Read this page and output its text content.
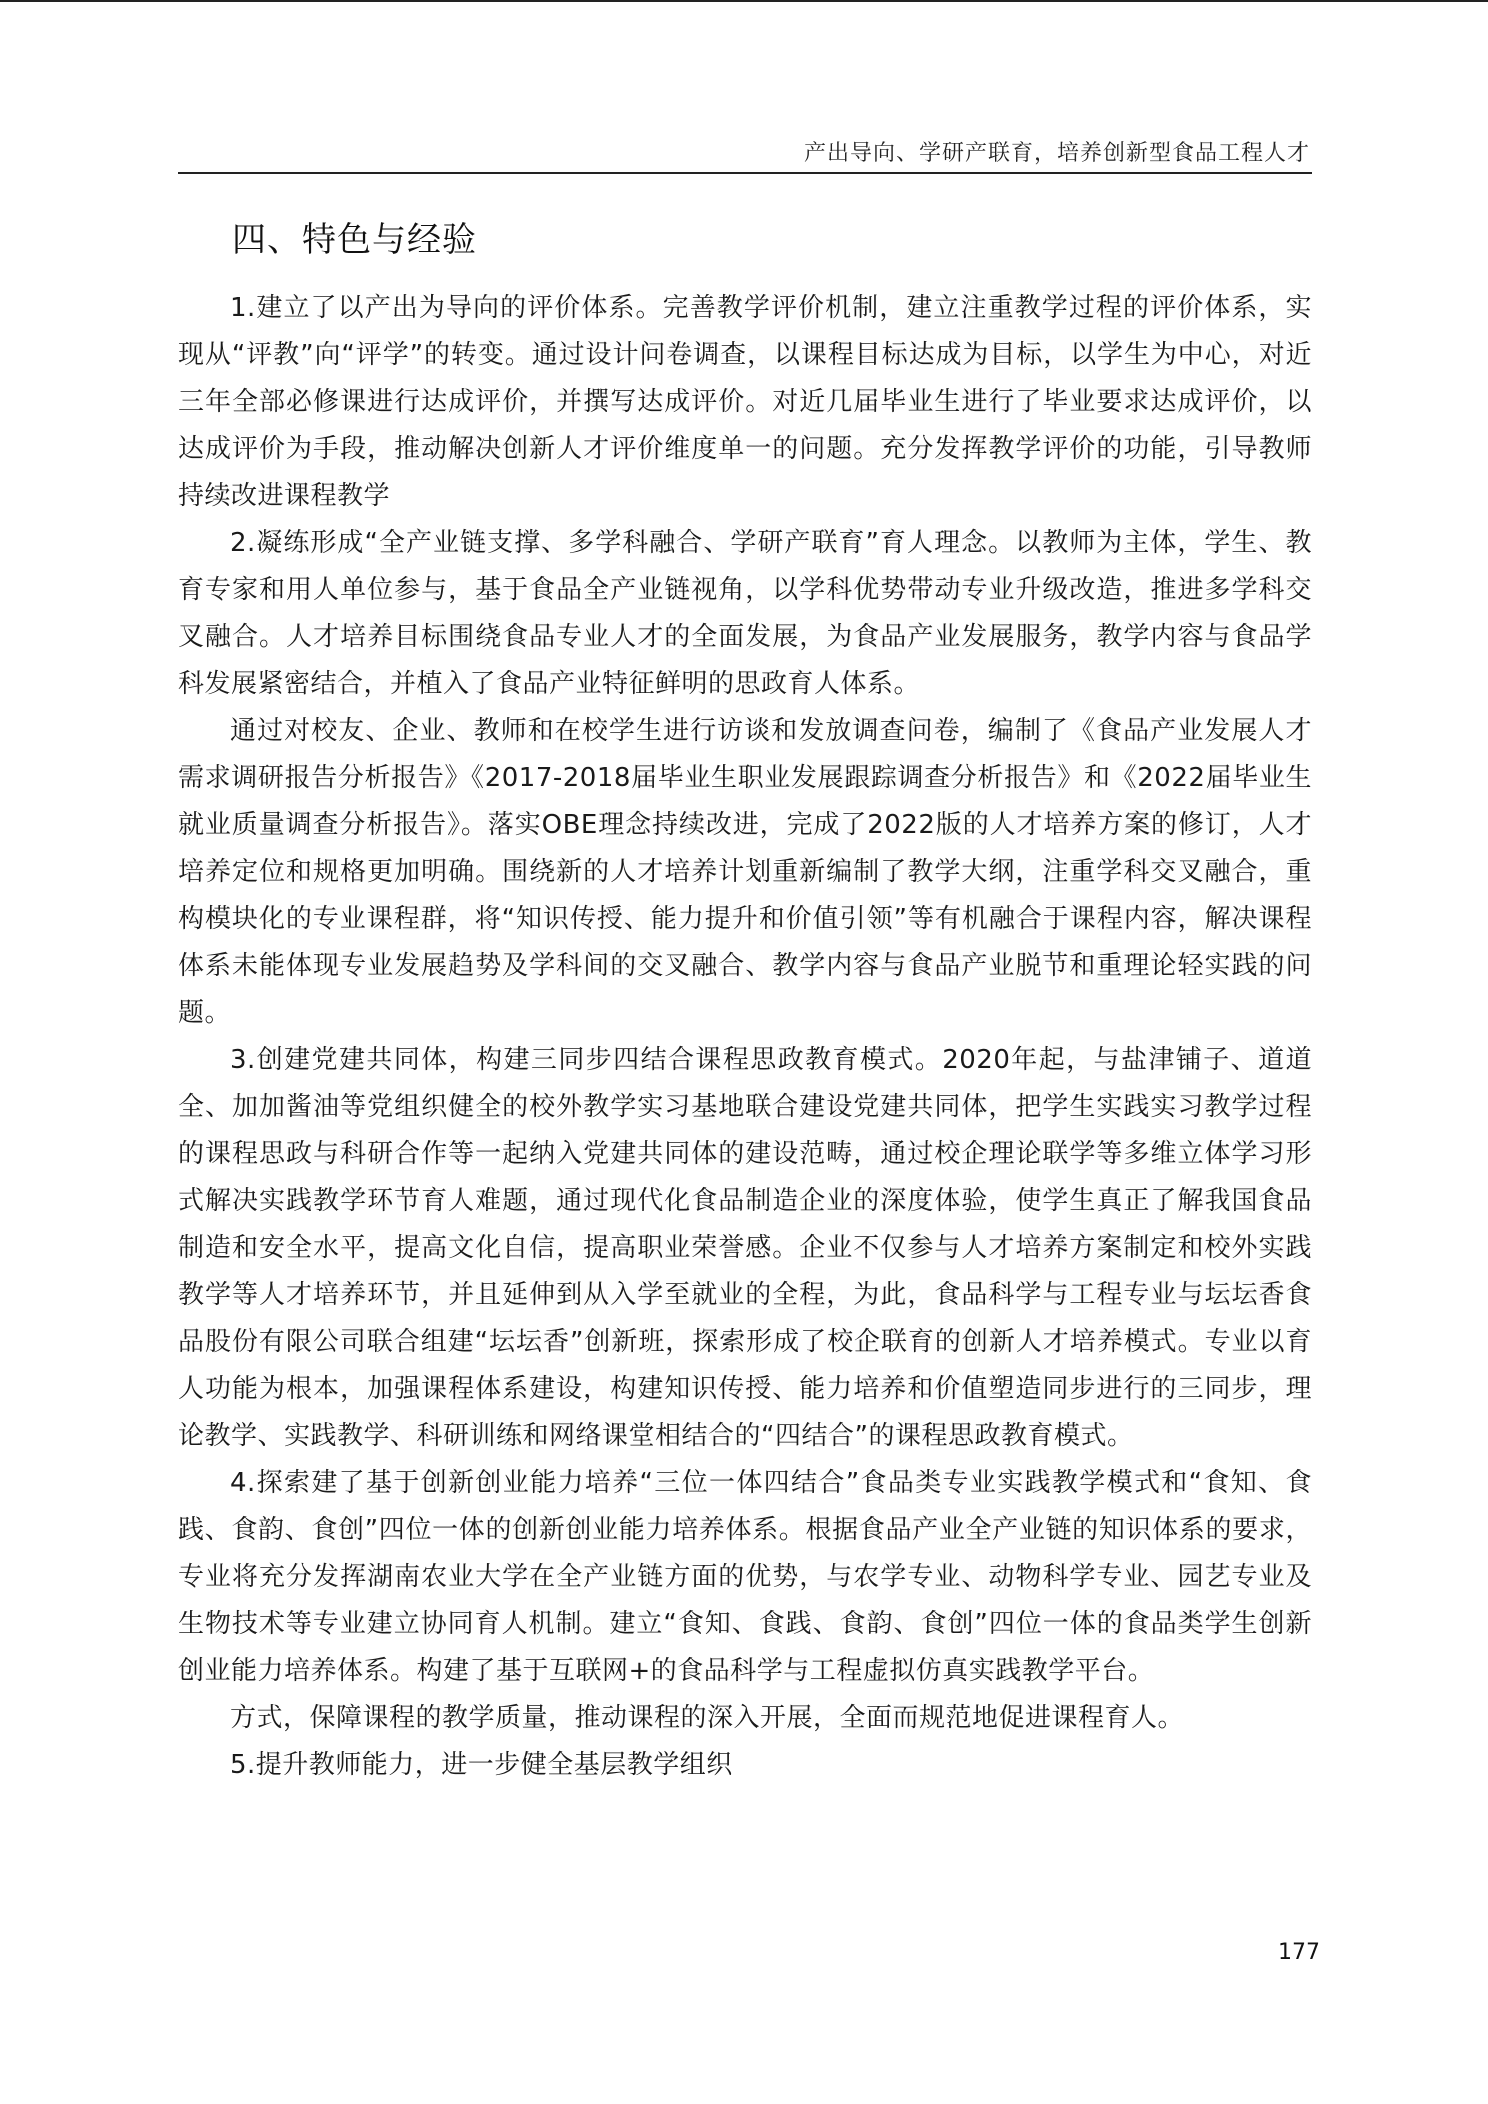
产出导向、学研产联育，培养创新型食品工程人才
四、特色与经验

1.建立了以产出为导向的评价体系。完善教学评价机制，建立注重教学过程的评价体系，实现从“评教”向“评学”的转变。通过设计问卷调查，以课程目标达成为目标，以学生为中心，对近三年全部必修课进行达成评价，并撰写达成评价。对近几届毕业生进行了毕业要求达成评价，以达成评价为手段，推动解决创新人才评价维度单一的问题。充分发挥教学评价的功能，引导教师持续改进课程教学

2.凝练形成“全产业链支撑、多学科融合、学研产联育”育人理念。以教师为主体，学生、教育专家和用人单位参与，基于食品全产业链视角，以学科优势带动专业升级改造，推进多学科交叉融合。人才培养目标围绕食品专业人才的全面发展，为食品产业发展服务，教学内容与食品学科发展紧密结合，并植入了食品产业特征鲜明的思政育人体系。

通过对校友、企业、教师和在校学生进行访谈和发放调查问卷，编制了《食品产业发展人才需求调研报告分析报告》《2017-2018届毕业生职业发展跟踪调查分析报告》和《2022届毕业生就业质量调查分析报告》。落实OBE理念持续改进，完成了2022版的人才培养方案的修订，人才培养定位和规格更加明确。围绕新的人才培养计划重新编制了教学大纲，注重学科交叉融合，重构模块化的专业课程群，将“知识传授、能力提升和价值引领”等有机融合于课程内容，解决课程体系未能体现专业发展趋势及学科间的交叉融合、教学内容与食品产业脱节和重理论轻实践的问题。

3.创建党建共同体，构建三同步四结合课程思政教育模式。2020年起，与盐津铺子、道道全、加加酱油等党组织健全的校外教学实习基地联合建设党建共同体，把学生实践实习教学过程的课程思政与科研合作等一起纳入党建共同体的建设范畴，通过校企理论联学等多维立体学习形式解决实践教学环节育人难题，通过现代化食品制造企业的深度体验，使学生真正了解我国食品制造和安全水平，提高文化自信，提高职业荣誉感。企业不仅参与人才培养方案制定和校外实践教学等人才培养环节，并且延伸到从入学至就业的全程，为此，食品科学与工程专业与坛坛香食品股份有限公司联合组建“坛坛香”创新班，探索形成了校企联育的创新人才培养模式。专业以育人功能为根本，加强课程体系建设，构建知识传授、能力培养和价值塑造同步进行的三同步，理论教学、实践教学、科研训练和网络课堂相结合的“四结合”的课程思政教育模式。

4.探索建了基于创新创业能力培养“三位一体四结合”食品类专业实践教学模式和“食知、食践、食韵、食创”四位一体的创新创业能力培养体系。根据食品产业全产业链的知识体系的要求，专业将充分发挥湖南农业大学在全产业链方面的优势，与农学专业、动物科学专业、园艺专业及生物技术等专业建立协同育人机制。建立“食知、食践、食韵、食创”四位一体的食品类学生创新创业能力培养体系。构建了基于互联网+的食品科学与工程虚拟仿真实践教学平台。

方式，保障课程的教学质量，推动课程的深入开展，全面而规范地促进课程育人。

5.提升教师能力，进一步健全基层教学组织

177
